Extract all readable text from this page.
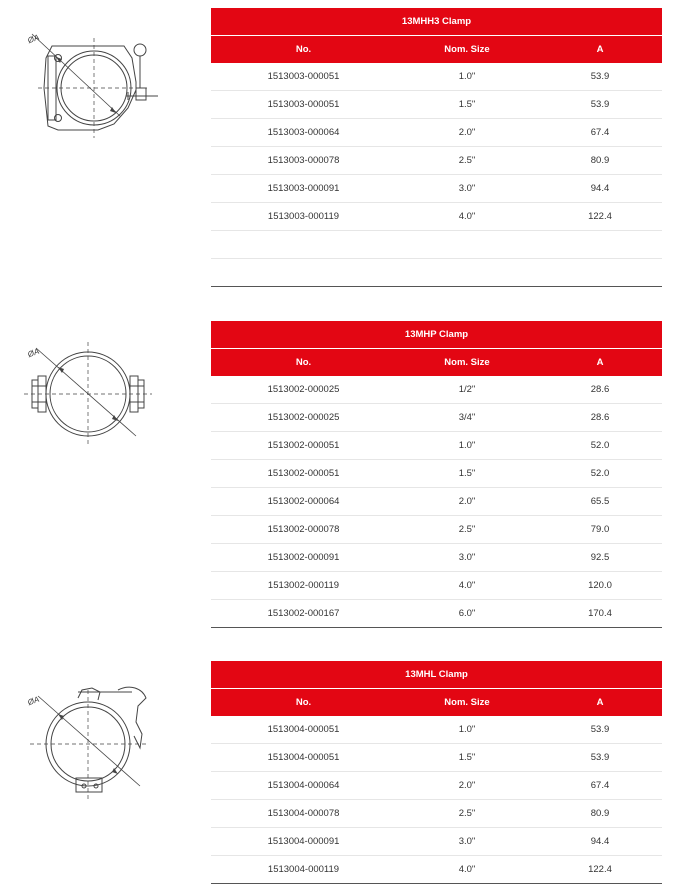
ØA
ØA
ØA
13MHH3 Clamp
No.	Nom. Size	A
1513003-000051	1.0"	53.9
1513003-000051	1.5"	53.9
1513003-000064	2.0"	67.4
1513003-000078	2.5"	80.9
1513003-000091	3.0"	94.4
1513003-000119	4.0"	122.4
13MHP Clamp
No.	Nom. Size	A
1513002-000025	1/2"	28.6
1513002-000025	3/4"	28.6
1513002-000051	1.0"	52.0
1513002-000051	1.5"	52.0
1513002-000064	2.0"	65.5
1513002-000078	2.5"	79.0
1513002-000091	3.0"	92.5
1513002-000119	4.0"	120.0
1513002-000167	6.0"	170.4
13MHL Clamp
No.	Nom. Size	A
1513004-000051	1.0"	53.9
1513004-000051	1.5"	53.9
1513004-000064	2.0"	67.4
1513004-000078	2.5"	80.9
1513004-000091	3.0"	94.4
1513004-000119	4.0"	122.4
